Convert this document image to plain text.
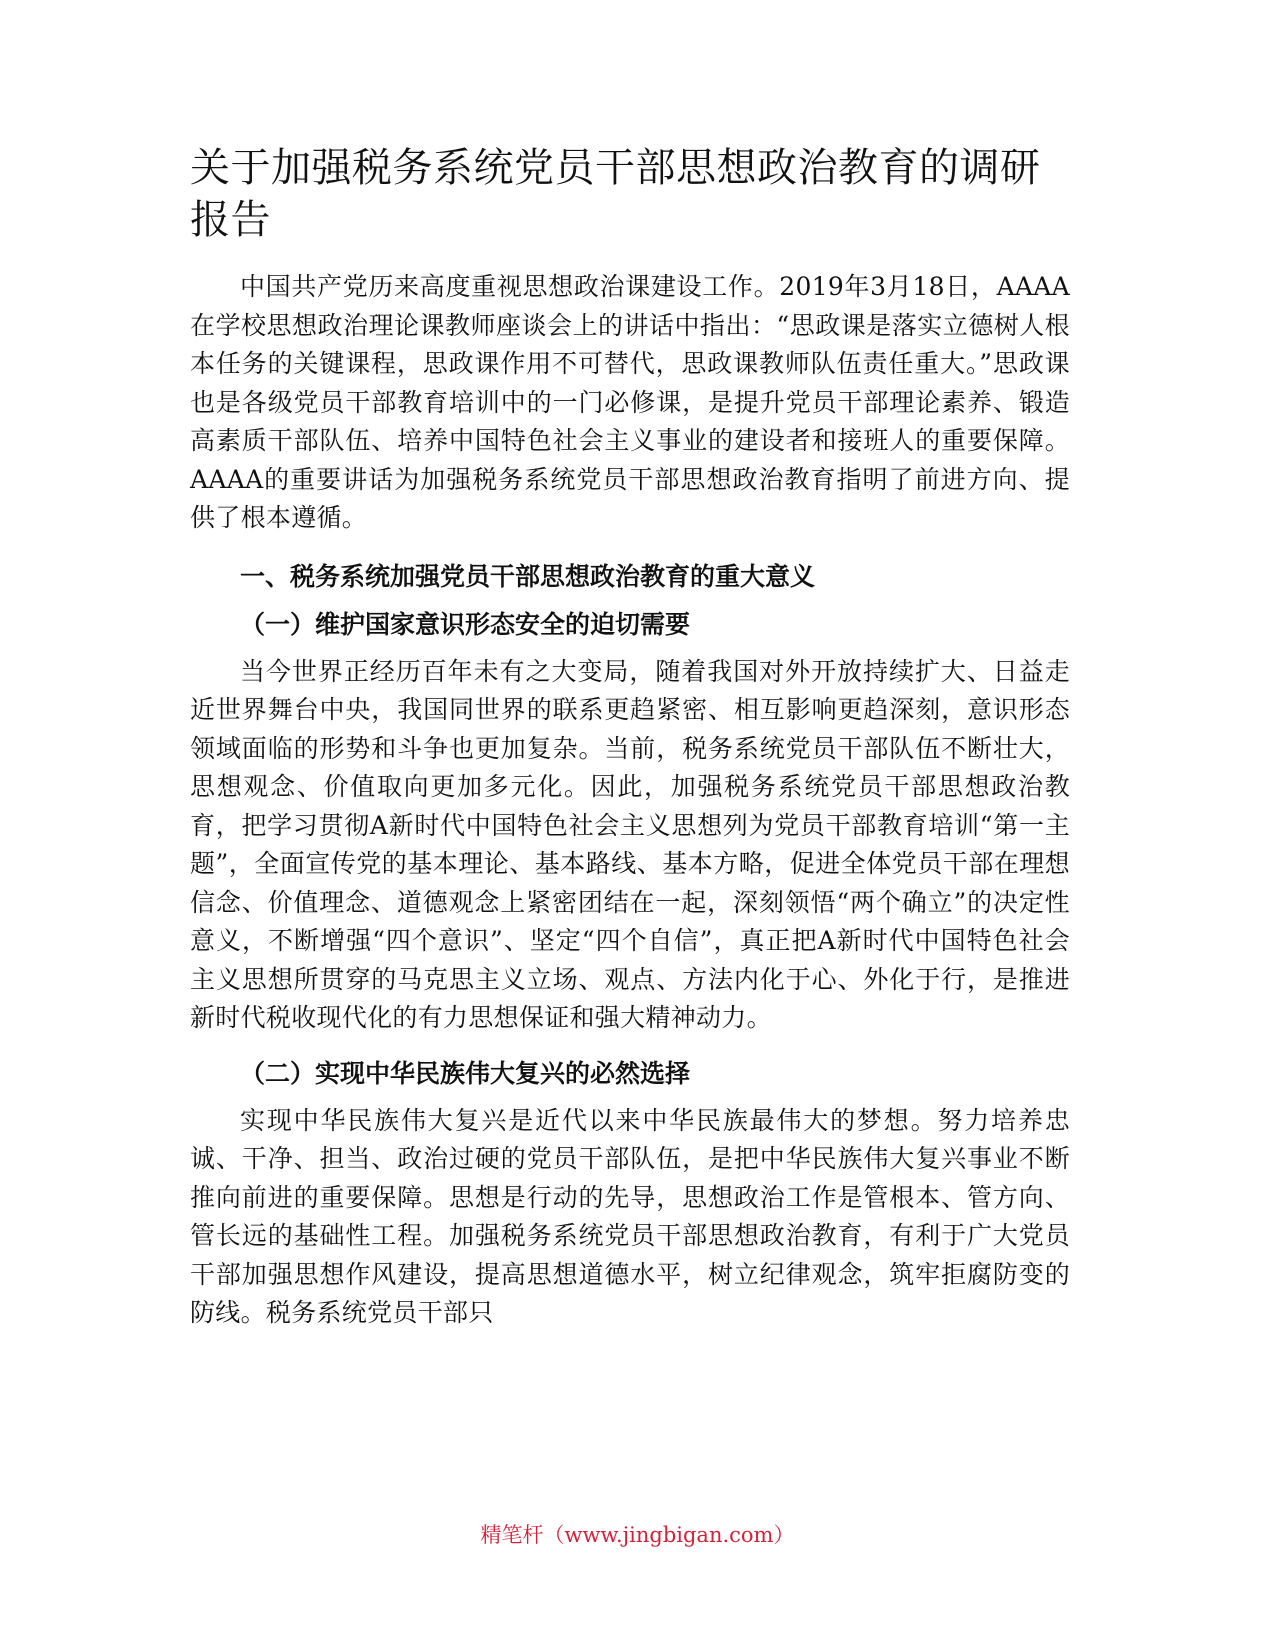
关于加强税务系统党员干部思想政治教育的调研报告

中国共产党历来高度重视思想政治课建设工作。2019年3月18日，AAAA在学校思想政治理论课教师座谈会上的讲话中指出：“思政课是落实立德树人根本任务的关键课程，思政课作用不可替代，思政课教师队伍责任重大。”思政课也是各级党员干部教育培训中的一门必修课，是提升党员干部理论素养、锻造高素质干部队伍、培养中国特色社会主义事业的建设者和接班人的重要保障。AAAA的重要讲话为加强税务系统党员干部思想政治教育指明了前进方向、提供了根本遵循。

一、税务系统加强党员干部思想政治教育的重大意义
（一）维护国家意识形态安全的迫切需要

当今世界正经历百年未有之大变局，随着我国对外开放持续扩大、日益走近世界舞台中央，我国同世界的联系更趋紧密、相互影响更趋深刻，意识形态领域面临的形势和斗争也更加复杂。当前，税务系统党员干部队伍不断壮大，思想观念、价值取向更加多元化。因此，加强税务系统党员干部思想政治教育，把学习贯彻A新时代中国特色社会主义思想列为党员干部教育培训“第一主题”，全面宣传党的基本理论、基本路线、基本方略，促进全体党员干部在理想信念、价值理念、道德观念上紧密团结在一起，深刻领悟“两个确立”的决定性意义，不断增强“四个意识”、坚定“四个自信”，真正把A新时代中国特色社会主义思想所贯穿的马克思主义立场、观点、方法内化于心、外化于行，是推进新时代税收现代化的有力思想保证和强大精神动力。

（二）实现中华民族伟大复兴的必然选择

实现中华民族伟大复兴是近代以来中华民族最伟大的梦想。努力培养忠诚、干净、担当、政治过硬的党员干部队伍，是把中华民族伟大复兴事业不断推向前进的重要保障。思想是行动的先导，思想政治工作是管根本、管方向、管长远的基础性工程。加强税务系统党员干部思想政治教育，有利于广大党员干部加强思想作风建设，提高思想道德水平，树立纪律观念，筑牢拒腐防变的防线。税务系统党员干部只

精笔杆（www.jingbigan.com）
